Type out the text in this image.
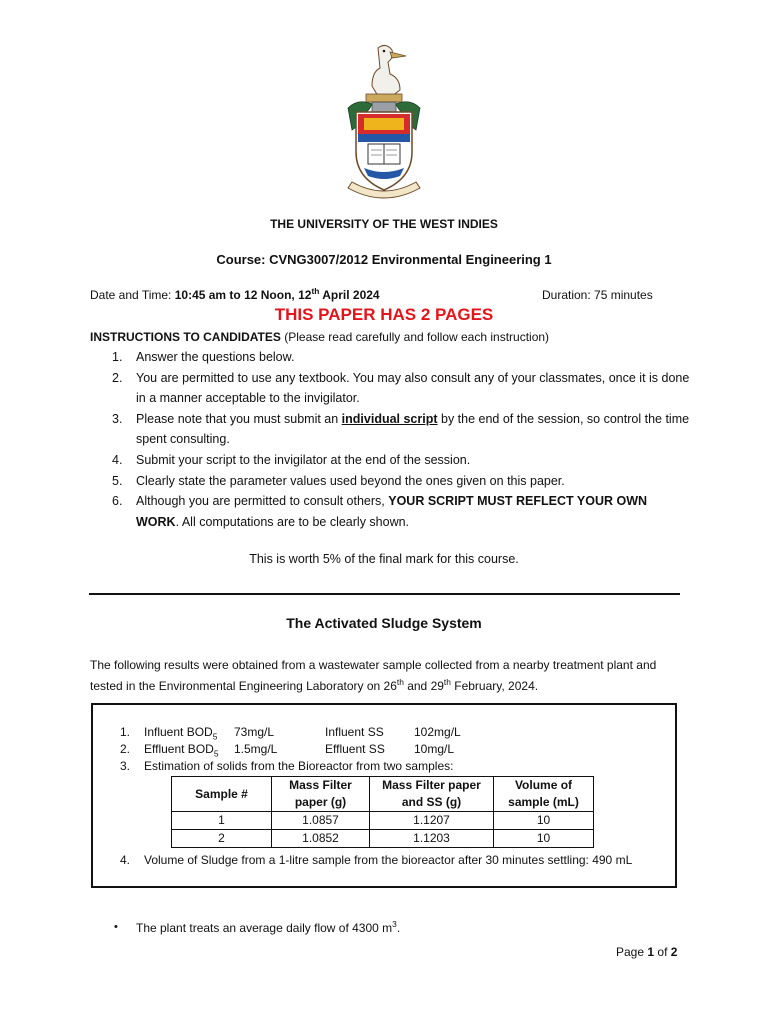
THE UNIVERSITY OF THE WEST INDIES
Course: CVNG3007/2012 Environmental Engineering 1
Date and Time: 10:45 am to 12 Noon, 12th April 2024	Duration: 75 minutes
THIS PAPER HAS 2 PAGES
INSTRUCTIONS TO CANDIDATES (Please read carefully and follow each instruction)
1. Answer the questions below.
2. You are permitted to use any textbook. You may also consult any of your classmates, once it is done in a manner acceptable to the invigilator.
3. Please note that you must submit an individual script by the end of the session, so control the time spent consulting.
4. Submit your script to the invigilator at the end of the session.
5. Clearly state the parameter values used beyond the ones given on this paper.
6. Although you are permitted to consult others, YOUR SCRIPT MUST REFLECT YOUR OWN WORK. All computations are to be clearly shown.
This is worth 5% of the final mark for this course.
The Activated Sludge System
The following results were obtained from a wastewater sample collected from a nearby treatment plant and tested in the Environmental Engineering Laboratory on 26th and 29th February, 2024.
1. Influent $BOD_5$ 73mg/L	Influent SS	102mg/L
2. Effluent $BOD_5$ 1.5mg/L	Effluent SS 10mg/L
3. Estimation of solids from the Bioreactor from two samples:
Sample #	Mass Filter paper (g)	Mass Filter paper and SS (g)	Volume of sample (mL)
1	1.0857	1.1207	10
2	1.0852	1.1203	10
4. Volume of Sludge from a 1-litre sample from the bioreactor after 30 minutes settling: 490 mL
• The plant treats an average daily flow of 4300 $m^3$.
Page 1 of 2
